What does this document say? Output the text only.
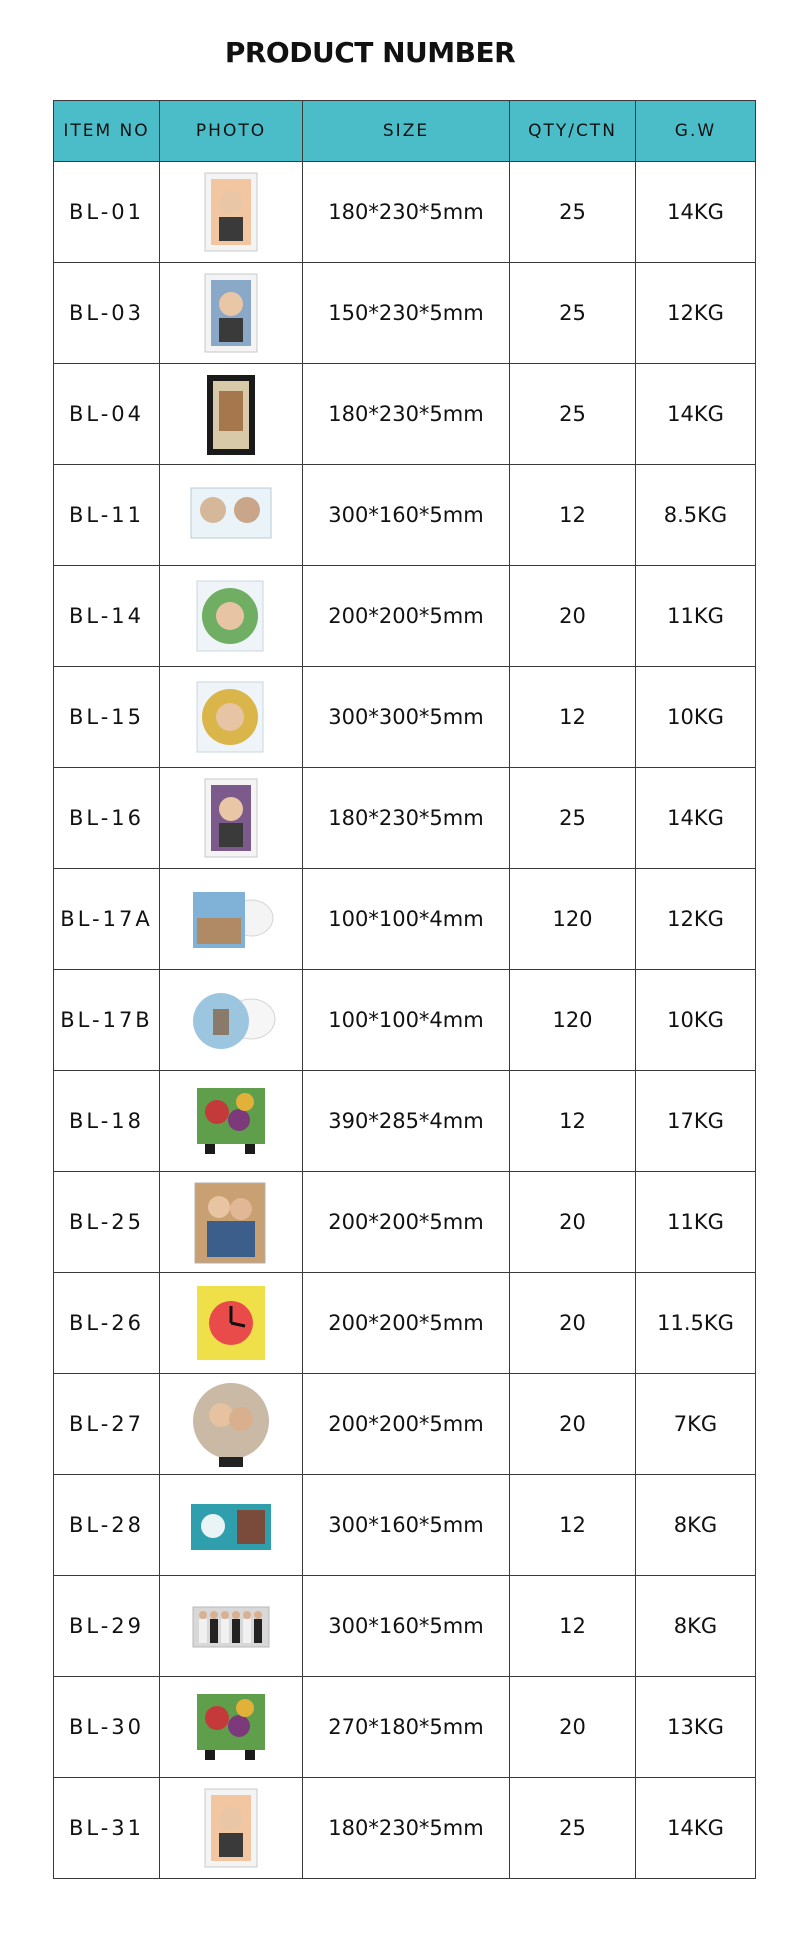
PRODUCT NUMBER
ITEM NO	PHOTO	SIZE	QTY/CTN	G.W
BL-01		180*230*5mm	25	14KG
BL-03		150*230*5mm	25	12KG
BL-04		180*230*5mm	25	14KG
BL-11		300*160*5mm	12	8.5KG
BL-14		200*200*5mm	20	11KG
BL-15		300*300*5mm	12	10KG
BL-16		180*230*5mm	25	14KG
BL-17A		100*100*4mm	120	12KG
BL-17B		100*100*4mm	120	10KG
BL-18		390*285*4mm	12	17KG
BL-25		200*200*5mm	20	11KG
BL-26		200*200*5mm	20	11.5KG
BL-27		200*200*5mm	20	7KG
BL-28		300*160*5mm	12	8KG
BL-29		300*160*5mm	12	8KG
BL-30		270*180*5mm	20	13KG
BL-31		180*230*5mm	25	14KG
